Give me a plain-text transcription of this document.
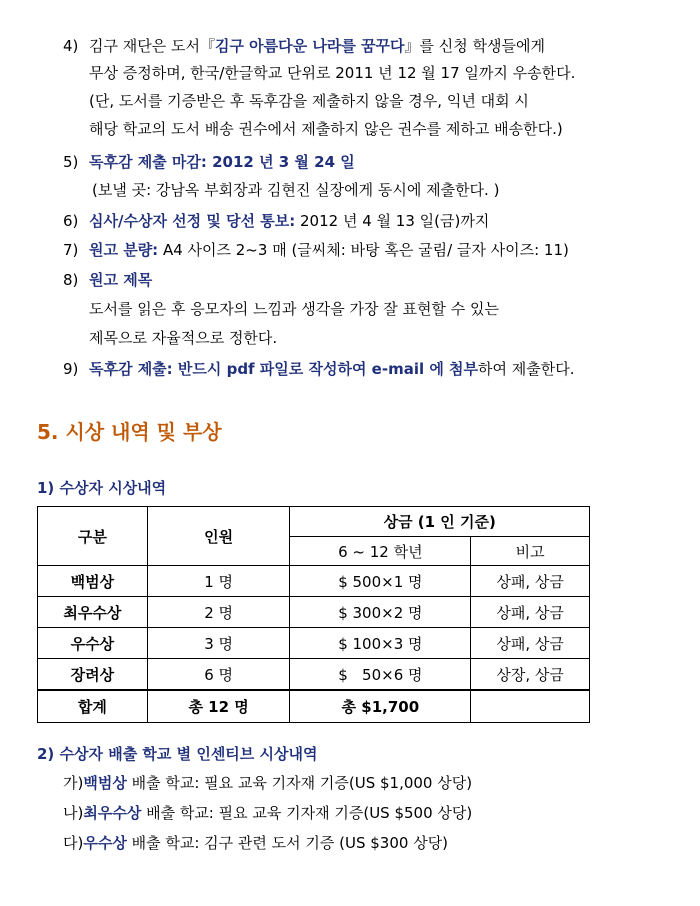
4) 김구 재단은 도서『김구 아름다운 나라를 꿈꾸다』를 신청 학생들에게
무상 증정하며, 한국/한글학교 단위로 2011 년 12 월 17 일까지 우송한다.
(단, 도서를 기증받은 후 독후감을 제출하지 않을 경우, 익년 대회 시
해당 학교의 도서 배송 권수에서 제출하지 않은 권수를 제하고 배송한다.)
5) 독후감 제출 마감: 2012 년 3 월 24 일
(보낼 곳: 강남옥 부회장과 김현진 실장에게 동시에 제출한다. )
6) 심사/수상자 선정 및 당선 통보: 2012 년 4 월 13 일(금)까지
7) 원고 분량: A4 사이즈 2~3 매 (글씨체: 바탕 혹은 굴림/ 글자 사이즈: 11)
8) 원고 제목
도서를 읽은 후 응모자의 느낌과 생각을 가장 잘 표현할 수 있는
제목으로 자율적으로 정한다.
9) 독후감 제출: 반드시 pdf 파일로 작성하여 e-mail 에 첨부하여 제출한다.
5. 시상 내역 및 부상
1) 수상자 시상내역
구분	인원	상금 (1 인 기준)	
		6 ~ 12 학년	비고
백범상	1 명	$ 500×1 명	상패, 상금
최우수상	2 명	$ 300×2 명	상패, 상금
우수상	3 명	$ 100×3 명	상패, 상금
장려상	6 명	$   50×6 명	상장, 상금
합계	총 12 명	총 $1,700	
2) 수상자 배출 학교 별 인센티브 시상내역
가)백범상 배출 학교: 필요 교육 기자재 기증(US $1,000 상당)
나)최우수상 배출 학교: 필요 교육 기자재 기증(US $500 상당)
다)우수상 배출 학교: 김구 관련 도서 기증 (US $300 상당)
